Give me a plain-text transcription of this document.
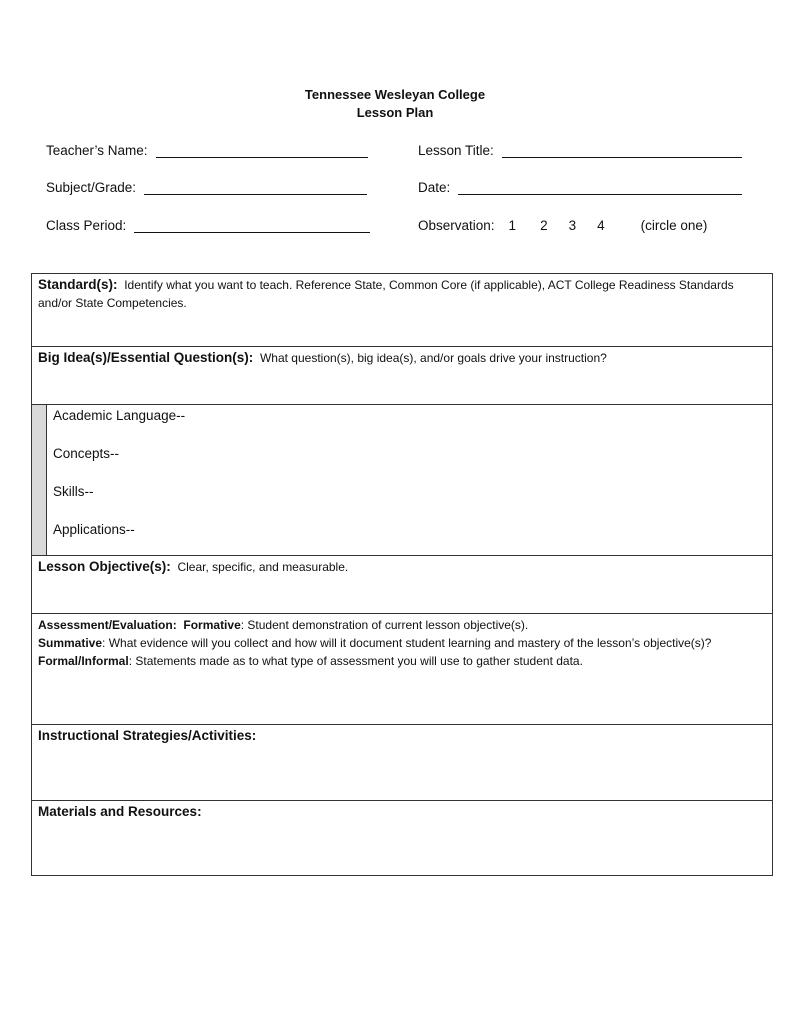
Tennessee Wesleyan College
Lesson Plan
Teacher’s Name:	Lesson Title:
Subject/Grade:	Date:
Class Period:	Observation: 1 2 3 4	(circle one)
Standard(s): Identify what you want to teach. Reference State, Common Core (if applicable), ACT College Readiness Standards and/or State Competencies.
Big Idea(s)/Essential Question(s): What question(s), big idea(s), and/or goals drive your instruction?
Academic Language--
Concepts--
Skills--
Applications--
Lesson Objective(s): Clear, specific, and measurable.
Assessment/Evaluation: Formative: Student demonstration of current lesson objective(s).
Summative: What evidence will you collect and how will it document student learning and mastery of the lesson’s objective(s)?  Formal/Informal: Statements made as to what type of assessment you will use to gather student data.
Instructional Strategies/Activities:
Materials and Resources:
